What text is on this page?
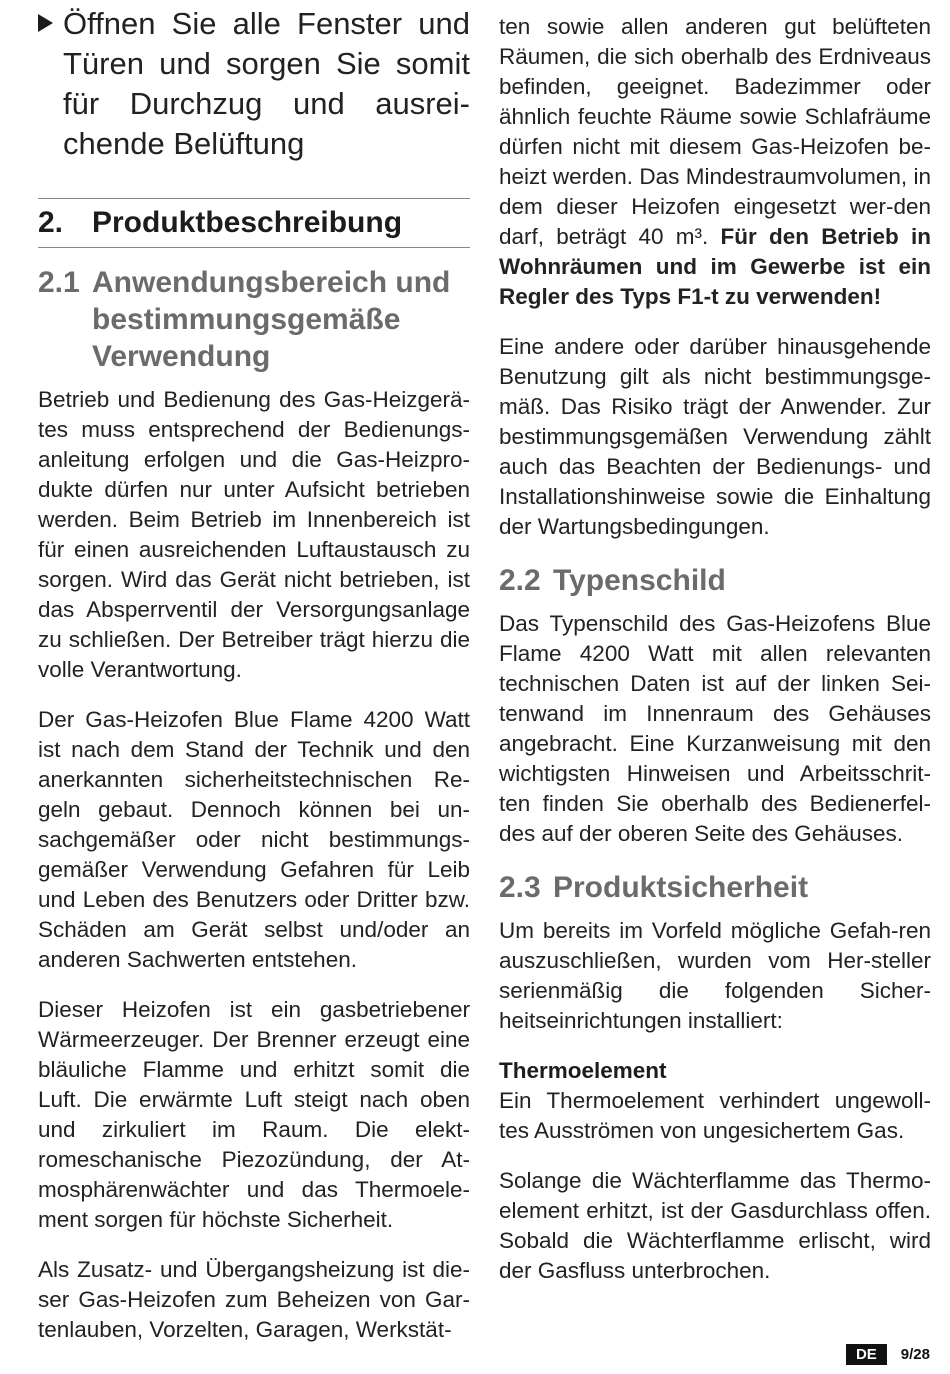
Öffnen Sie alle Fenster und Türen und sorgen Sie somit für Durchzug und ausrei-chende Belüftung
2. Produktbeschreibung
2.1 Anwendungsbereich und
bestimmungsgemäße
Verwendung

Betrieb und Bedienung des Gas-Heizgerä-tes muss entsprechend der Bedienungs-anleitung erfolgen und die Gas-Heizpro-dukte dürfen nur unter Aufsicht betrieben werden. Beim Betrieb im Innenbereich ist für einen ausreichenden Luftaustausch zu sorgen. Wird das Gerät nicht betrieben, ist das Absperrventil der Versorgungsanlage zu schließen. Der Betreiber trägt hierzu die volle Verantwortung.

Der Gas-Heizofen Blue Flame 4200 Watt ist nach dem Stand der Technik und den anerkannten sicherheitstechnischen Re-geln gebaut. Dennoch können bei un-sachgemäßer oder nicht bestimmungs-gemäßer Verwendung Gefahren für Leib und Leben des Benutzers oder Dritter bzw. Schäden am Gerät selbst und/oder an anderen Sachwerten entstehen.

Dieser Heizofen ist ein gasbetriebener Wärmeerzeuger. Der Brenner erzeugt eine bläuliche Flamme und erhitzt somit die Luft. Die erwärmte Luft steigt nach oben und zirkuliert im Raum. Die elekt-romeschanische Piezozündung, der At-mosphärenwächter und das Thermoele-ment sorgen für höchste Sicherheit.

Als Zusatz- und Übergangsheizung ist die-ser Gas-Heizofen zum Beheizen von Gar-tenlauben, Vorzelten, Garagen, Werkstät-

ten sowie allen anderen gut belüfteten Räumen, die sich oberhalb des Erdniveaus befinden, geeignet. Badezimmer oder ähnlich feuchte Räume sowie Schlafräume dürfen nicht mit diesem Gas-Heizofen be-heizt werden. Das Mindestraumvolumen, in dem dieser Heizofen eingesetzt wer-den darf, beträgt 40 m³. Für den Betrieb in Wohnräumen und im Gewerbe ist ein Regler des Typs F1-t zu verwenden!

Eine andere oder darüber hinausgehende Benutzung gilt als nicht bestimmungsge-mäß. Das Risiko trägt der Anwender. Zur bestimmungsgemäßen Verwendung zählt auch das Beachten der Bedienungs- und Installationshinweise sowie die Einhaltung der Wartungsbedingungen.

2.2 Typenschild

Das Typenschild des Gas-Heizofens Blue Flame 4200 Watt mit allen relevanten technischen Daten ist auf der linken Sei-tenwand im Innenraum des Gehäuses angebracht. Eine Kurzanweisung mit den wichtigsten Hinweisen und Arbeitsschrit-ten finden Sie oberhalb des Bedienerfel-des auf der oberen Seite des Gehäuses.

2.3 Produktsicherheit

Um bereits im Vorfeld mögliche Gefah-ren auszuschließen, wurden vom Her-steller serienmäßig die folgenden Sicher-heitseinrichtungen installiert:

Thermoelement

Ein Thermoelement verhindert ungewoll-tes Ausströmen von ungesichertem Gas.

Solange die Wächterflamme das Thermo-element erhitzt, ist der Gasdurchlass offen. Sobald die Wächterflamme erlischt, wird der Gasfluss unterbrochen.

DE	9/28
